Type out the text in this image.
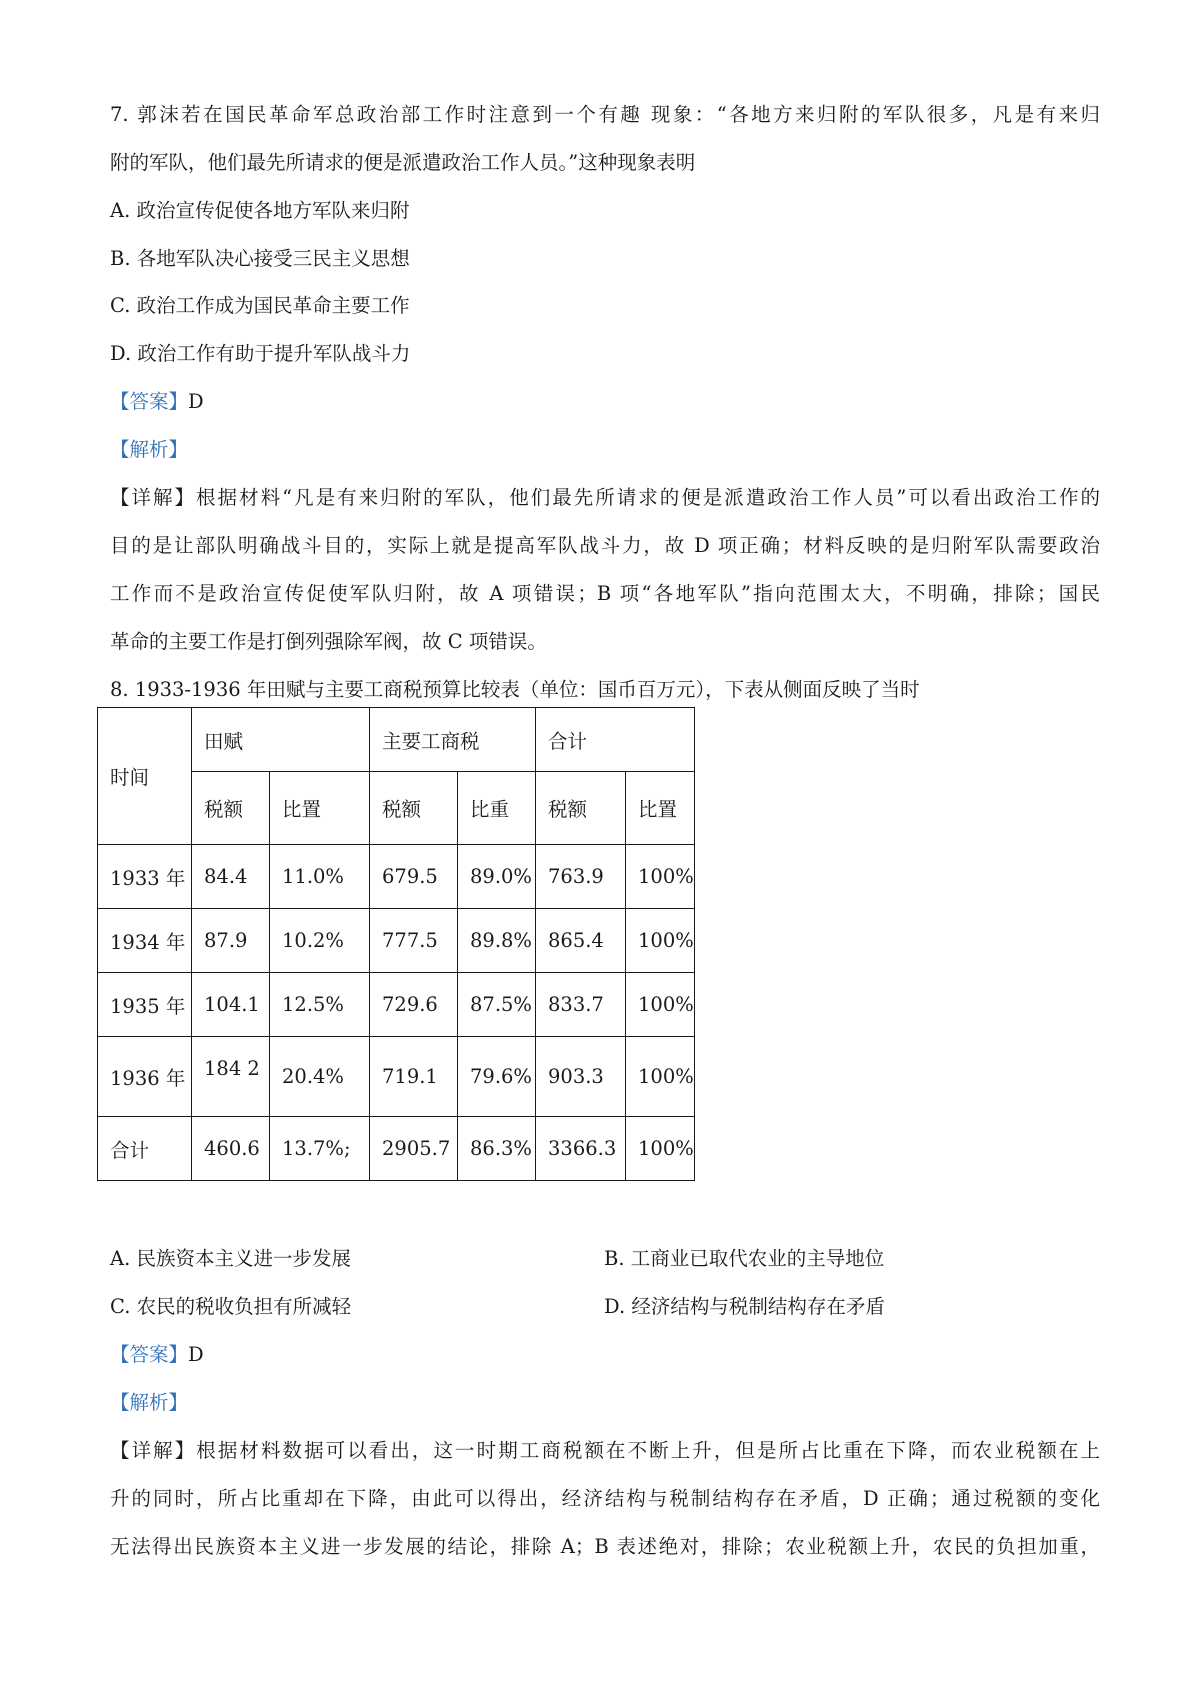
7. 郭沫若在国民革命军总政治部工作时注意到一个有趣 现象：“各地方来归附的军队很多，凡是有来归
附的军队，他们最先所请求的便是派遣政治工作人员。”这种现象表明
A. 政治宣传促使各地方军队来归附
B. 各地军队决心接受三民主义思想
C. 政治工作成为国民革命主要工作
D. 政治工作有助于提升军队战斗力
【答案】D
【解析】
【详解】根据材料“凡是有来归附的军队，他们最先所请求的便是派遣政治工作人员”可以看出政治工作的
目的是让部队明确战斗目的，实际上就是提高军队战斗力，故 D 项正确；材料反映的是归附军队需要政治
工作而不是政治宣传促使军队归附，故 A 项错误；B 项“各地军队”指向范围太大，不明确，排除；国民
革命的主要工作是打倒列强除军阀，故 C 项错误。
8. 1933-1936 年田赋与主要工商税预算比较表（单位：国币百万元），下表从侧面反映了当时
时间	田赋		主要工商税		合计	
	税额	比置	税额	比重	税额	比置
1933 年	84.4	11.0%	679.5	89.0%	763.9	100%
1934 年	87.9	10.2%	777.5	89.8%	865.4	100%
1935 年	104.1	12.5%	729.6	87.5%	833.7	100%
1936 年	184 2	20.4%	719.1	79.6%	903.3	100%
合计	460.6	13.7%;	2905.7	86.3%	3366.3	100%
A. 民族资本主义进一步发展	B. 工商业已取代农业的主导地位
C. 农民的税收负担有所减轻	D. 经济结构与税制结构存在矛盾
【答案】D
【解析】
【详解】根据材料数据可以看出，这一时期工商税额在不断上升，但是所占比重在下降，而农业税额在上
升的同时，所占比重却在下降，由此可以得出，经济结构与税制结构存在矛盾，D 正确；通过税额的变化
无法得出民族资本主义进一步发展的结论，排除 A；B 表述绝对，排除；农业税额上升，农民的负担加重，
